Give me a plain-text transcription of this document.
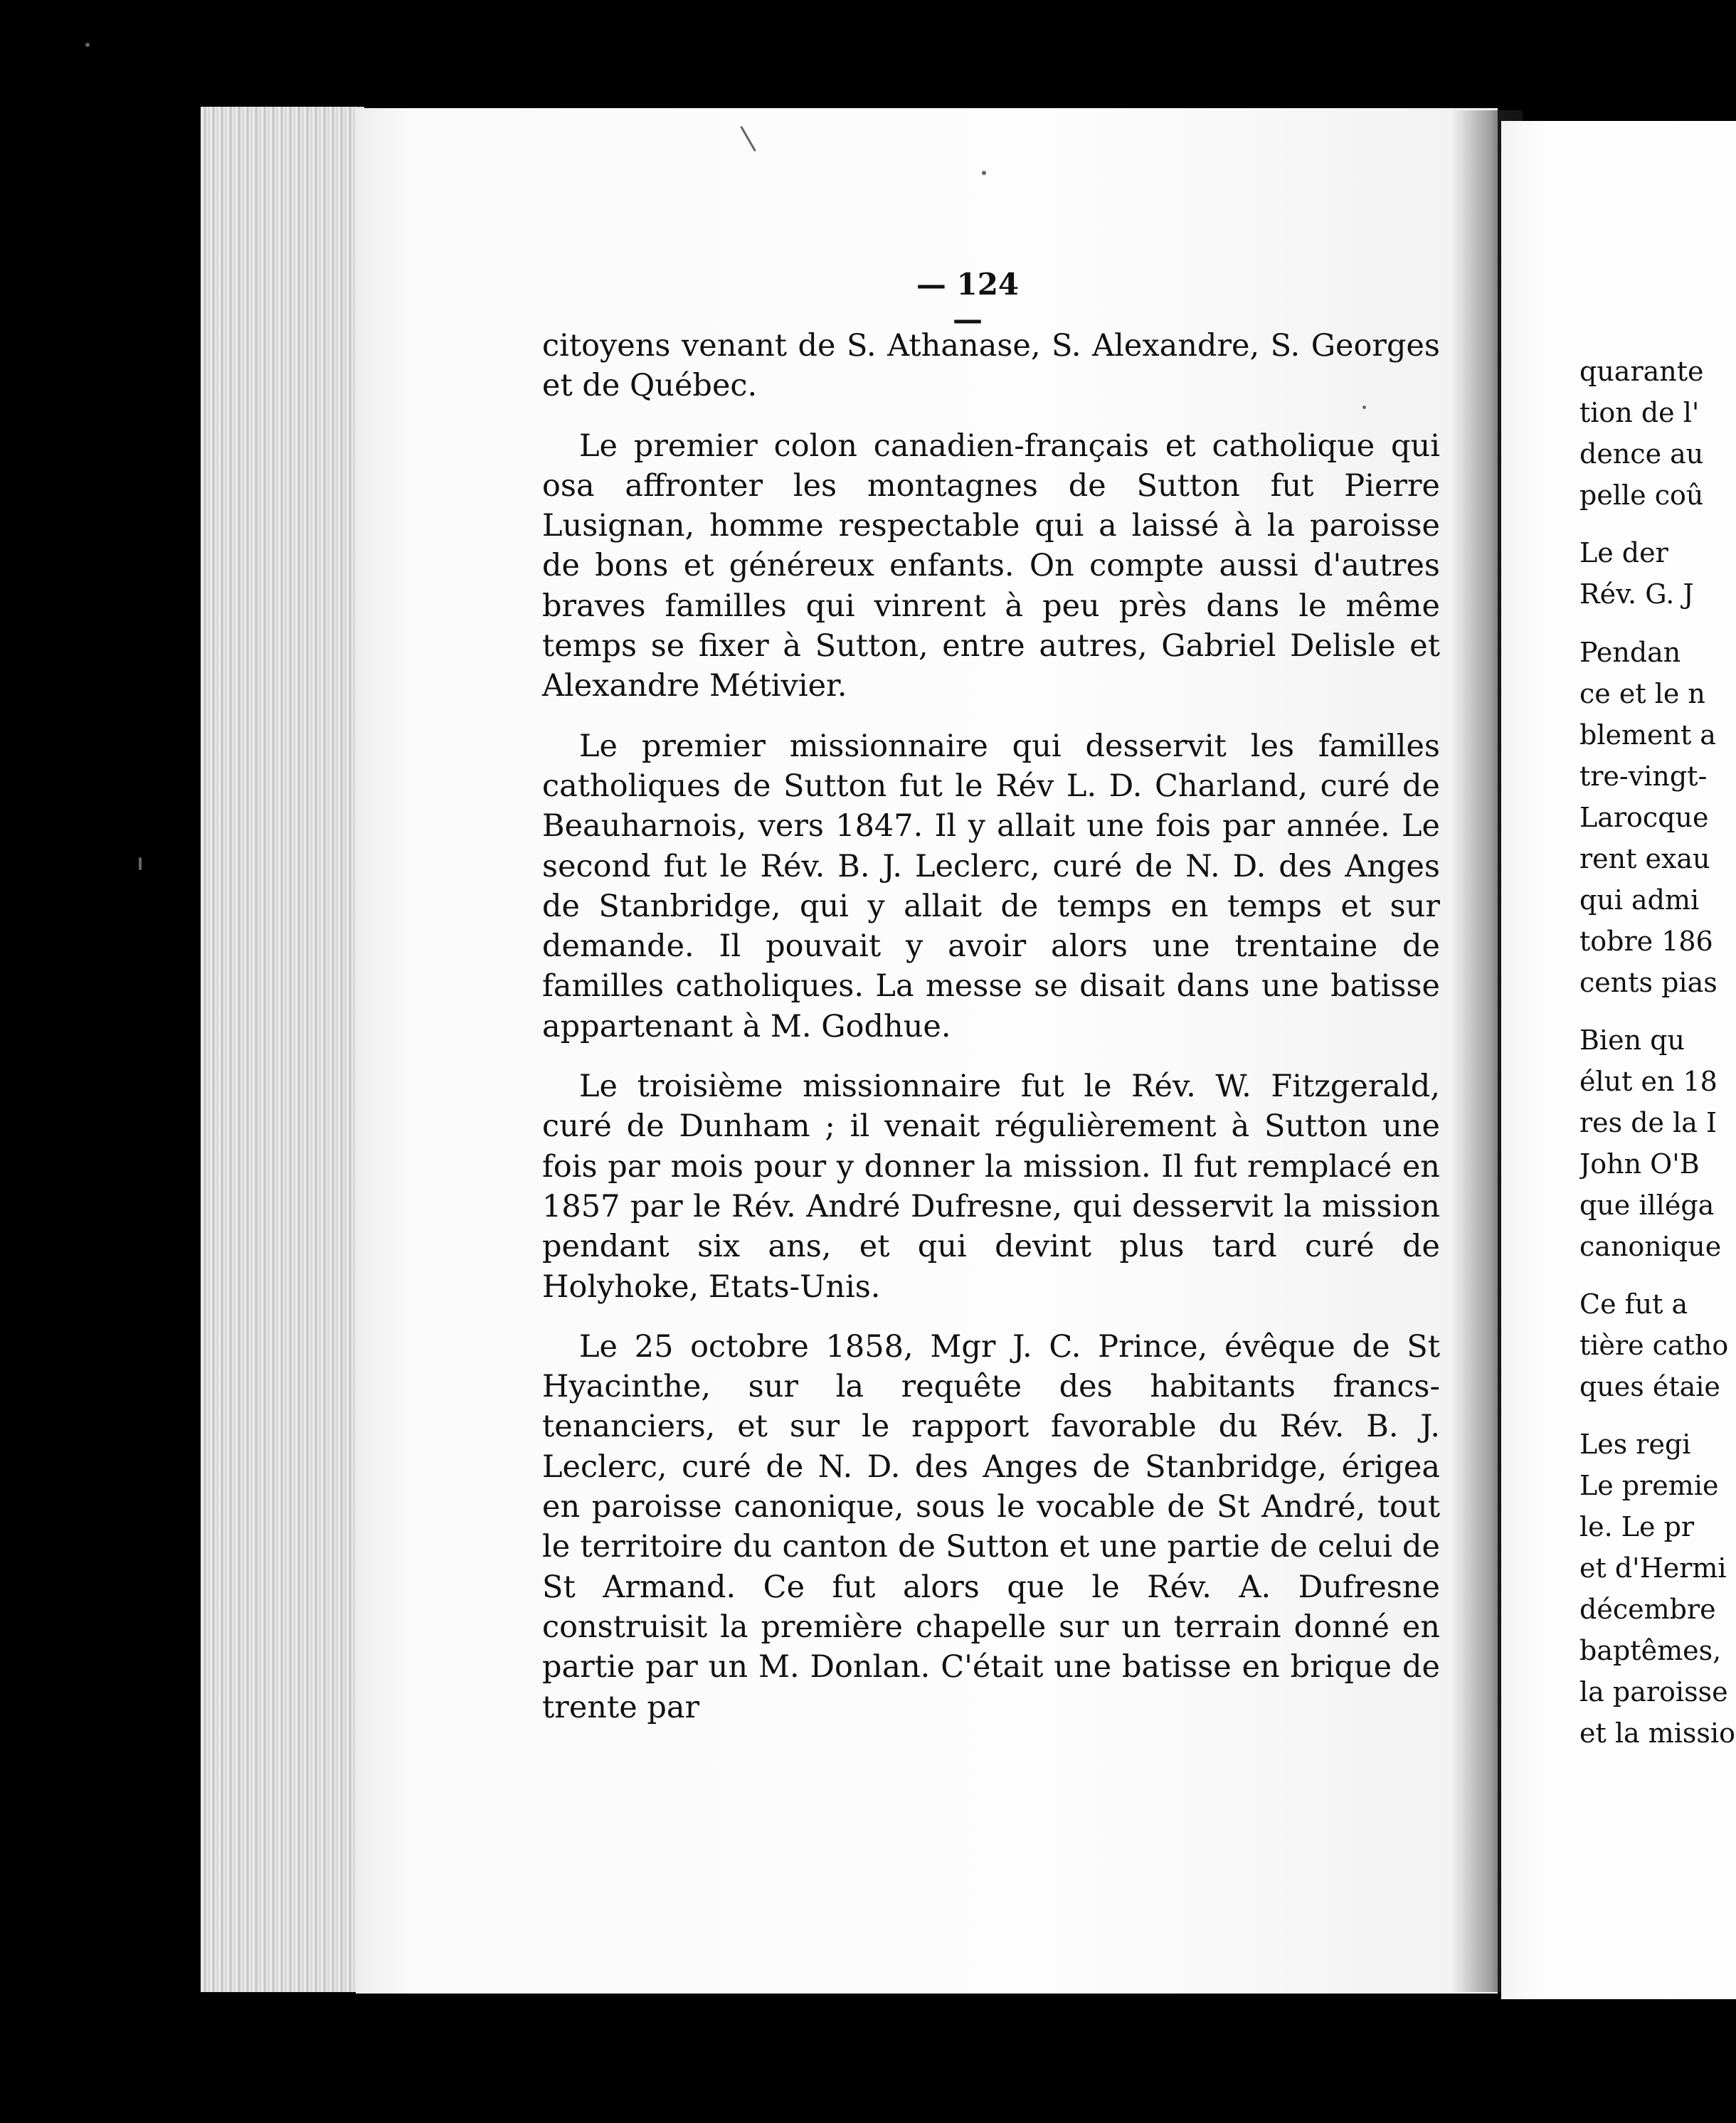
— 124 —

citoyens venant de S. Athanase, S. Alexandre, S. Georges et de Québec.

Le premier colon canadien-français et catholique qui osa affronter les montagnes de Sutton fut Pierre Lusignan, homme respectable qui a laissé à la paroisse de bons et généreux enfants. On compte aussi d'autres braves familles qui vinrent à peu près dans le même temps se fixer à Sutton, entre autres, Gabriel Delisle et Alexandre Métivier.

Le premier missionnaire qui desservit les familles catholiques de Sutton fut le Rév L. D. Charland, curé de Beauharnois, vers 1847. Il y allait une fois par année. Le second fut le Rév. B. J. Leclerc, curé de N. D. des Anges de Stanbridge, qui y allait de temps en temps et sur demande. Il pouvait y avoir alors une trentaine de familles catholiques. La messe se disait dans une batisse appartenant à M. Godhue.

Le troisième missionnaire fut le Rév. W. Fitzgerald, curé de Dunham ; il venait régulièrement à Sutton une fois par mois pour y donner la mission. Il fut remplacé en 1857 par le Rév. André Dufresne, qui desservit la mission pendant six ans, et qui devint plus tard curé de Holyhoke, Etats-Unis.

Le 25 octobre 1858, Mgr J. C. Prince, évêque de St Hyacinthe, sur la requête des habitants francs-tenanciers, et sur le rapport favorable du Rév. B. J. Leclerc, curé de N. D. des Anges de Stanbridge, érigea en paroisse canonique, sous le vocable de St André, tout le territoire du canton de Sutton et une partie de celui de St Armand. Ce fut alors que le Rév. A. Dufresne construisit la première chapelle sur un terrain donné en partie par un M. Donlan. C'était une batisse en brique de trente par

quarante
tion de l'
dence au
pelle coû
Le der
Rév. G. J
Pendan
ce et le n
blement a
tre-vingt-
Larocque
rent exau
qui admi
tobre 186
cents pias
Bien qu
élut en 18
res de la I
John O'B
que illéga
canonique
Ce fut a
tière catho
ques étaie
Les regi
Le premie
le. Le pr
et d'Hermi
décembre
baptêmes,
la paroisse
et la missio
